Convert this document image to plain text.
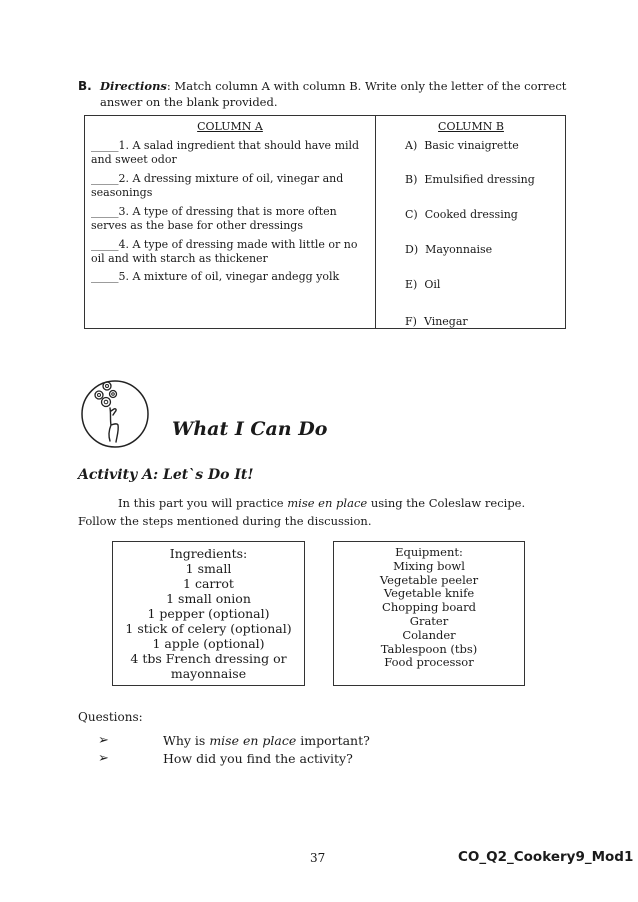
B. Directions: Match column A with column B. Write only the letter of the correct answer on the blank provided.
COLUMN A	COLUMN B
_____1. A salad ingredient that should have mild and sweet odor
_____2. A dressing mixture of oil, vinegar and seasonings
_____3. A type of dressing that is more often serves as the base for other dressings
_____4. A type of dressing made with little or no oil and with starch as thickener
_____5. A mixture of oil, vinegar andegg yolk
A) Basic vinaigrette
B) Emulsified dressing
C) Cooked dressing
D) Mayonnaise
E) Oil
F) Vinegar
What I Can Do
Activity A: Let`s Do It!
In this part you will practice mise en place using the Coleslaw recipe. Follow the steps mentioned during the discussion.
Ingredients:
1 small
1 carrot
1 small onion
1 pepper (optional)
1 stick of celery (optional)
1 apple (optional)
4 tbs French dressing or mayonnaise
Equipment:
Mixing bowl
Vegetable peeler
Vegetable knife
Chopping board
Grater
Colander
Tablespoon (tbs)
Food processor
Questions:
➢	Why is mise en place important?
➢	How did you find the activity?
37	CO_Q2_Cookery9_Mod1
